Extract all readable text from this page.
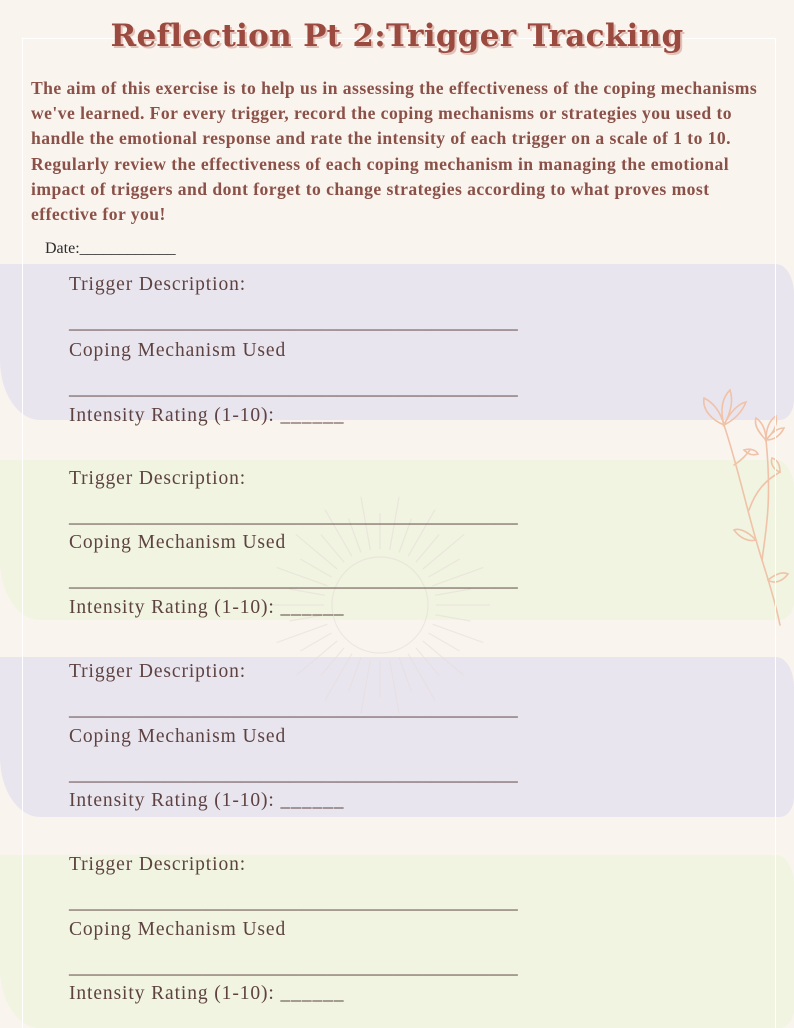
Reflection Pt 2:Trigger Tracking

The aim of this exercise is to help us in assessing the effectiveness of the coping mechanisms we've learned. For every trigger, record the coping mechanisms or strategies you used to handle the emotional response and rate the intensity of each trigger on a scale of 1 to 10. Regularly review the effectiveness of each coping mechanism in managing the emotional impact of triggers and dont forget to change strategies according to what proves most effective for you!

Date:____________
Trigger Description:
_______________________________________________
Coping Mechanism Used
_______________________________________________
Intensity Rating (1-10): ______
Trigger Description:
_______________________________________________
Coping Mechanism Used
_______________________________________________
Intensity Rating (1-10): ______
Trigger Description:
_______________________________________________
Coping Mechanism Used
_______________________________________________
Intensity Rating (1-10): ______
Trigger Description:
_______________________________________________
Coping Mechanism Used
_______________________________________________
Intensity Rating (1-10): ______
